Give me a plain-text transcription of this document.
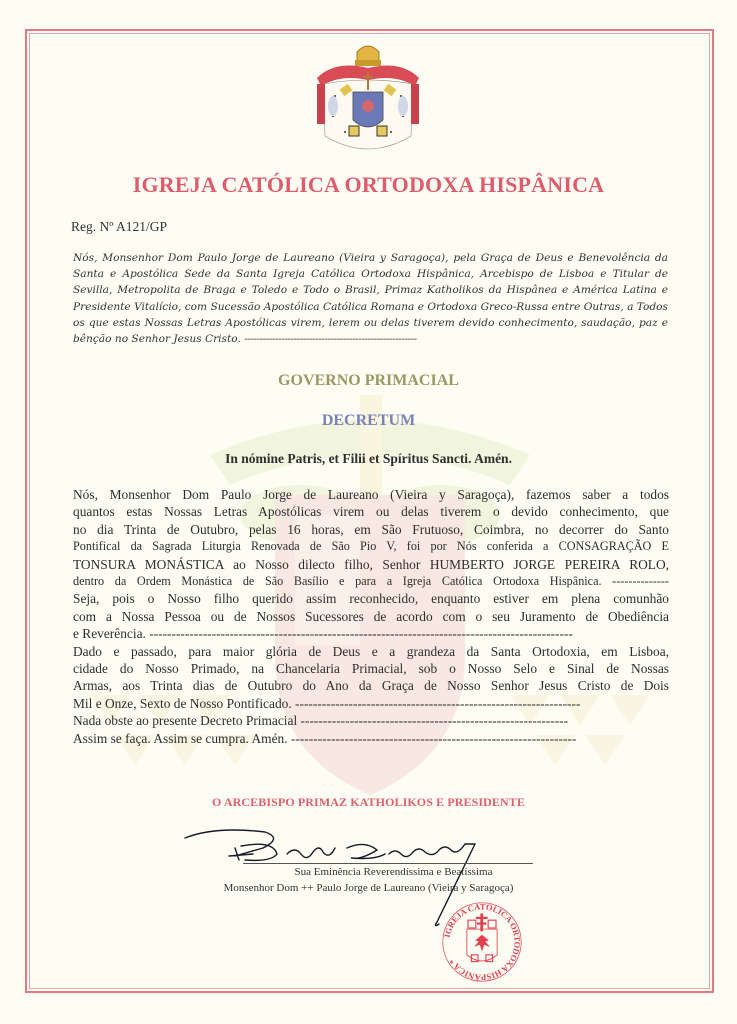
IGREJA CATÓLICA ORTODOXA HISPÂNICA
Reg. Nº A121/GP
Nós, Monsenhor Dom Paulo Jorge de Laureano (Vieira y Saragoça), pela Graça de Deus e Benevolência da Santa e Apostólica Sede da Santa Igreja Católica Ortodoxa Hispânica, Arcebispo de Lisboa e Titular de Sevilla, Metropolita de Braga e Toledo e Todo o Brasil, Primaz Katholikos da Hispânea e América Latina e Presidente Vitalício, com Sucessão Apostólica Católica Romana e Ortodoxa Greco-Russa entre Outras, a Todos os que estas Nossas Letras Apostólicas virem, lerem ou delas tiverem devido conhecimento, saudação, paz e bênção no Senhor Jesus Cristo. --------------------------------------------------------
GOVERNO PRIMACIAL
DECRETUM
In nómine Patris, et Filii et Spíritus Sancti. Amén.
Nós, Monsenhor Dom Paulo Jorge de Laureano (Vieira y Saragoça), fazemos saber a todos
quantos estas Nossas Letras Apostólicas virem ou delas tiverem o devido conhecimento, que
no dia Trinta de Outubro, pelas 16 horas, em São Frutuoso, Coimbra, no decorrer do Santo
Pontifical da Sagrada Liturgia Renovada de São Pio V, foi por Nós conferida a CONSAGRAÇÃO E
TONSURA MONÁSTICA ao Nosso dilecto filho, Senhor HUMBERTO JORGE PEREIRA ROLO,
dentro da Ordem Monástica de São Basílio e para a Igreja Católica Ortodoxa Hispânica. --------------
Seja, pois o Nosso filho querido assim reconhecido, enquanto estiver em plena comunhão
com a Nossa Pessoa ou de Nossos Sucessores de acordo com o seu Juramento de Obediência
e Reverência. -----------------------------------------------------------------------------------------------
Dado e passado, para maior glória de Deus e a grandeza da Santa Ortodoxia, em Lisboa,
cidade do Nosso Primado, na Chancelaria Primacial, sob o Nosso Selo e Sinal de Nossas
Armas, aos Trinta dias de Outubro do Ano da Graça de Nosso Senhor Jesus Cristo de Dois
Mil e Onze, Sexto de Nosso Pontificado. ----------------------------------------------------------------
Nada obste ao presente Decreto Primacial ------------------------------------------------------------
Assim se faça. Assim se cumpra. Amén. ----------------------------------------------------------------
O ARCEBISPO PRIMAZ KATHOLIKOS E PRESIDENTE
Sua Eminência Reverendíssima e Beatíssima
Monsenhor Dom ++ Paulo Jorge de Laureano (Vieira y Saragoça)
IGREJA CATÓLICA ORTODOXA HISPÂNICA *
